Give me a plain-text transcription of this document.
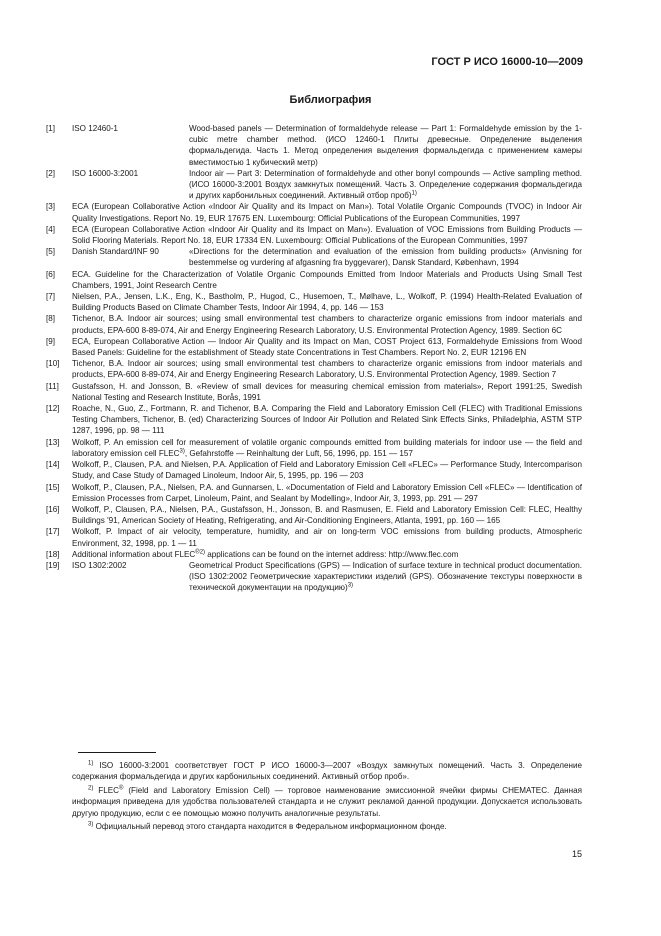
ГОСТ Р ИСО 16000-10—2009
Библиография
[1]	ISO 12460-1	Wood-based panels — Determination of formaldehyde release — Part 1: Formaldehyde emission by the 1-cubic metre chamber method. (ИСО 12460-1 Плиты древесные. Определение выделения формальдегида. Часть 1. Метод определения выделения формальдегида с применением камеры вместимостью 1 кубический метр)
[2]	ISO 16000-3:2001	Indoor air — Part 3: Determination of formaldehyde and other bonyl compounds — Active sampling method. (ИСО 16000-3:2001 Воздух замкнутых помещений. Часть 3. Определение содержания формальдегида и других карбонильных соединений. Активный отбор проб)$^{1)}$
[3]	ECA (European Collaborative Action «Indoor Air Quality and its Impact on Man»). Total Volatile Organic Compounds (TVOC) in Indoor Air Quality Investigations. Report No. 19, EUR 17675 EN. Luxembourg: Official Publications of the European Communities, 1997
[4]	ECA (European Collaborative Action «Indoor Air Quality and its Impact on Man»). Evaluation of VOC Emissions from Building Products — Solid Flooring Materials. Report No. 18, EUR 17334 EN. Luxembourg: Official Publications of the European Communities, 1997
[5]	Danish Standard/INF 90	«Directions for the determination and evaluation of the emission from building products» (Anvisning for bestemmelse og vurdering af afgasning fra byggevarer), Dansk Standard, København, 1994
[6]	ECA. Guideline for the Characterization of Volatile Organic Compounds Emitted from Indoor Materials and Products Using Small Test Chambers, 1991, Joint Research Centre
[7]	Nielsen, P.A., Jensen, L.K., Eng, K., Bastholm, P., Hugod, C., Husemoen, T., Mølhave, L., Wolkoff, P. (1994) Health-Related Evaluation of Building Products Based on Climate Chamber Tests, Indoor Air 1994, 4, pp. 146 — 153
[8]	Tichenor, B.A. Indoor air sources; using small environmental test chambers to characterize organic emissions from indoor materials and products, EPA-600 8-89-074, Air and Energy Engineering Research Laboratory, U.S. Environmental Protection Agency, 1989. Section 6C
[9]	ECA, European Collaborative Action — Indoor Air Quality and its Impact on Man, COST Project 613, Formaldehyde Emissions from Wood Based Panels: Guideline for the establishment of Steady state Concentrations in Test Chambers. Report No. 2, EUR 12196 EN
[10]	Tichenor, B.A. Indoor air sources; using small environmental test chambers to characterize organic emissions from indoor materials and products, EPA-600 8-89-074, Air and Energy Engineering Research Laboratory, U.S. Environmental Protection Agency, 1989. Section 7
[11]	Gustafsson, H. and Jonsson, B. «Review of small devices for measuring chemical emission from materials», Report 1991:25, Swedish National Testing and Research Institute, Borås, 1991
[12]	Roache, N., Guo, Z., Fortmann, R. and Tichenor, B.A. Comparing the Field and Laboratory Emission Cell (FLEC) with Traditional Emissions Testing Chambers, Tichenor, B. (ed) Characterizing Sources of Indoor Air Pollution and Related Sink Effects Sinks, Philadelphia, ASTM STP 1287, 1996, pp. 98 — 111
[13]	Wolkoff, P. An emission cell for measurement of volatile organic compounds emitted from building materials for indoor use — the field and laboratory emission cell FLEC$^{3)}$, Gefahrstoffe — Reinhaltung der Luft, 56, 1996, pp. 151 — 157
[14]	Wolkoff, P., Clausen, P.A. and Nielsen, P.A. Application of Field and Laboratory Emission Cell «FLEC» — Performance Study, Intercomparison Study, and Case Study of Damaged Linoleum, Indoor Air, 5, 1995, pp. 196 — 203
[15]	Wolkoff, P., Clausen, P.A., Nielsen, P.A. and Gunnarsen, L. «Documentation of Field and Laboratory Emission Cell «FLEC» — Identification of Emission Processes from Carpet, Linoleum, Paint, and Sealant by Modelling», Indoor Air, 3, 1993, pp. 291 — 297
[16]	Wolkoff, P., Clausen, P.A., Nielsen, P.A., Gustafsson, H., Jonsson, B. and Rasmusen, E. Field and Laboratory Emission Cell: FLEC, Healthy Buildings '91, American Society of Heating, Refrigerating, and Air-Conditioning Engineers, Atlanta, 1991, pp. 160 — 165
[17]	Wolkoff, P. Impact of air velocity, temperature, humidity, and air on long-term VOC emissions from building products, Atmospheric Environment, 32, 1998, pp. 1 — 11
[18]	Additional information about $FLEC^{®2)}$ applications can be found on the internet address: http://www.flec.com
[19]	ISO 1302:2002	Geometrical Product Specifications (GPS) — Indication of surface texture in technical product documentation. (ISO 1302:2002 Геометрические характеристики изделий (GPS). Обозначение текстуры поверхности в технической документации на продукцию)$^{3)}$
$^{1)}$ ISO 16000-3:2001 соответствует ГОСТ Р ИСО 16000-3—2007 «Воздух замкнутых помещений. Часть 3. Определение содержания формальдегида и других карбонильных соединений. Активный отбор проб».
$^{2)}$ FLEC® (Field and Laboratory Emission Cell) — торговое наименование эмиссионной ячейки фирмы CHEMATEC. Данная информация приведена для удобства пользователей стандарта и не служит рекламой данной продукции. Допускается использовать другую продукцию, если с ее помощью можно получить аналогичные результаты.
$^{3)}$ Официальный перевод этого стандарта находится в Федеральном информационном фонде.
15
